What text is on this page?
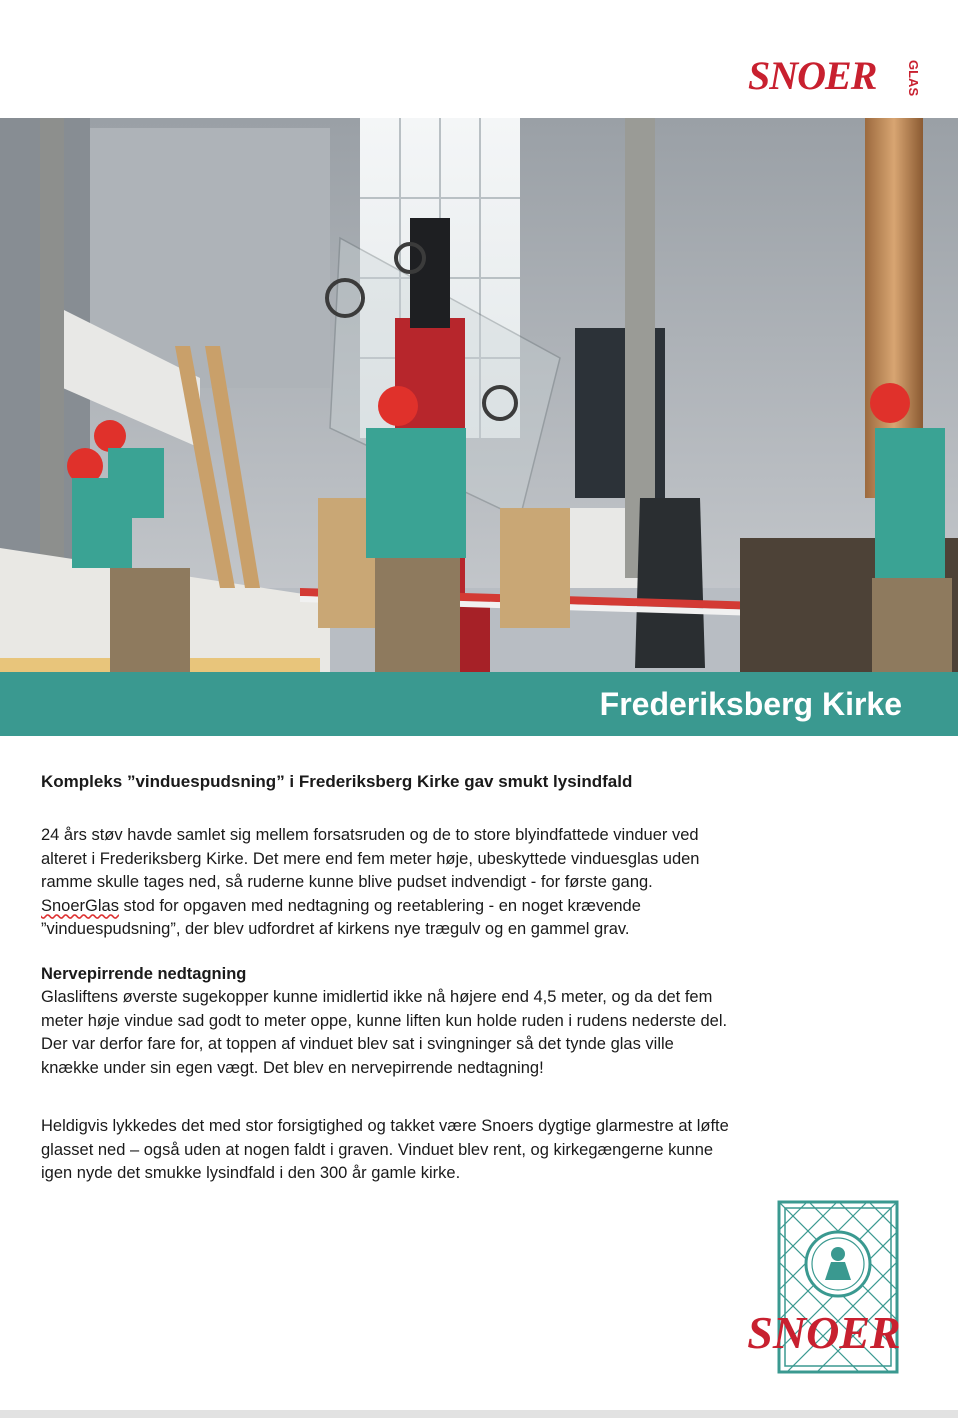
SNOER GLAS
Frederiksberg Kirke

Kompleks ”vinduespudsning” i Frederiksberg Kirke gav smukt lysindfald

24 års støv havde samlet sig mellem forsatsruden og de to store blyindfattede vinduer ved alteret i Frederiksberg Kirke. Det mere end fem meter høje, ubeskyttede vinduesglas uden ramme skulle tages ned, så ruderne kunne blive pudset indvendigt - for første gang. SnoerGlas stod for opgaven med nedtagning og reetablering - en noget krævende ”vinduespudsning”, der blev udfordret af kirkens nye trægulv og en gammel grav.

Nervepirrende nedtagning

Glasliftens øverste sugekopper kunne imidlertid ikke nå højere end 4,5 meter, og da det fem meter høje vindue sad godt to meter oppe, kunne liften kun holde ruden i rudens nederste del. Der var derfor fare for, at toppen af vinduet blev sat i svingninger så det tynde glas ville knække under sin egen vægt. Det blev en nervepirrende nedtagning!

Heldigvis lykkedes det med stor forsigtighed og takket være Snoers dygtige glarmestre at løfte glasset ned – også uden at nogen faldt i graven. Vinduet blev rent, og kirkegængerne kunne igen nyde det smukke lysindfald i den 300 år gamle kirke.

SNOER
